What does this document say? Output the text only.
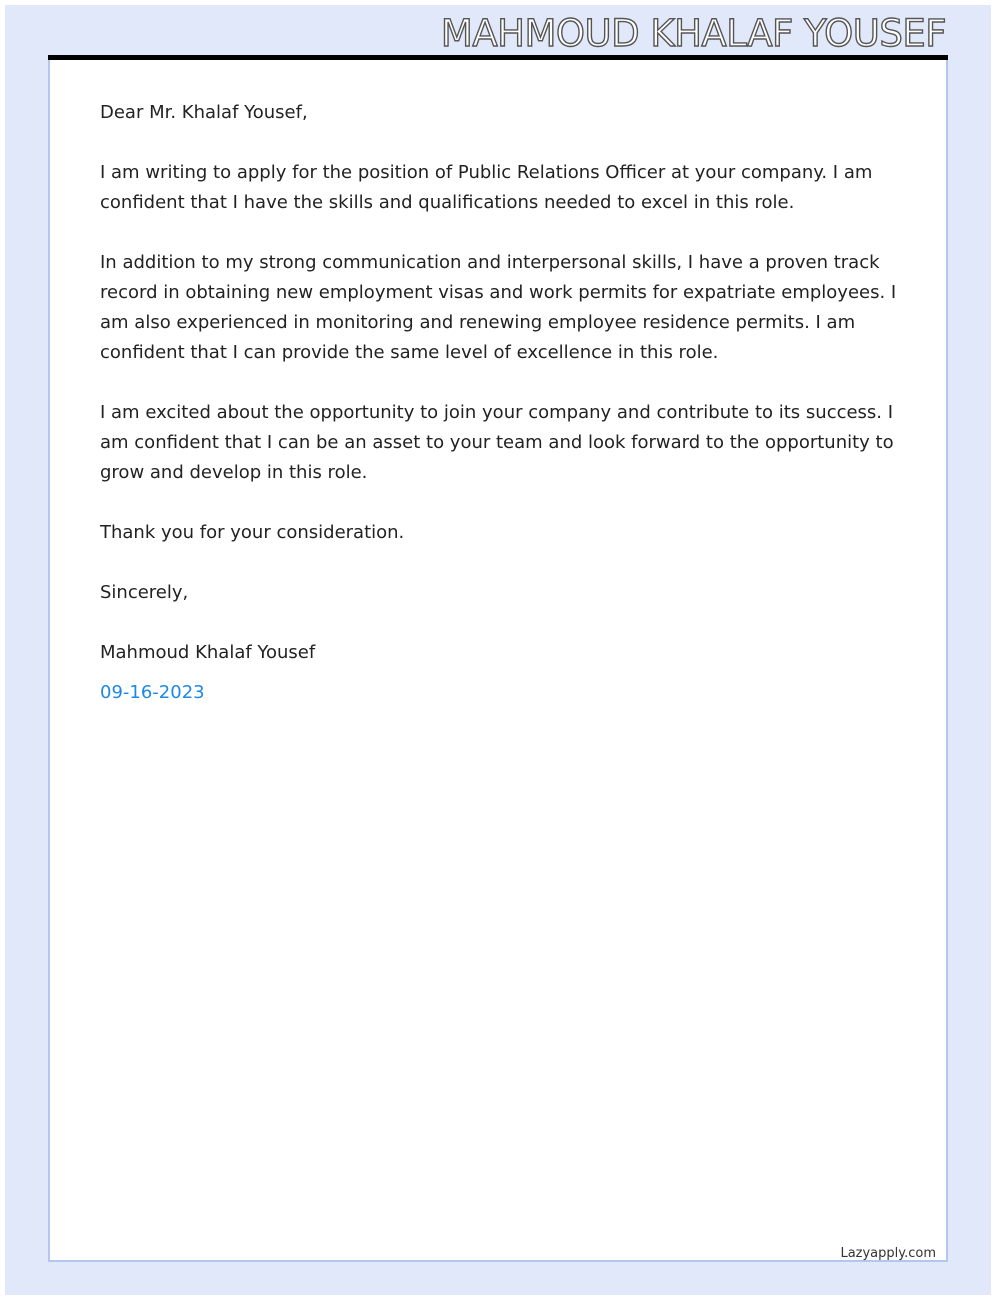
MAHMOUD KHALAF YOUSEF

Dear Mr. Khalaf Yousef,

I am writing to apply for the position of Public Relations Officer at your company. I am confident that I have the skills and qualifications needed to excel in this role.

In addition to my strong communication and interpersonal skills, I have a proven track record in obtaining new employment visas and work permits for expatriate employees. I am also experienced in monitoring and renewing employee residence permits. I am confident that I can provide the same level of excellence in this role.

I am excited about the opportunity to join your company and contribute to its success. I am confident that I can be an asset to your team and look forward to the opportunity to grow and develop in this role.

Thank you for your consideration.

Sincerely,

Mahmoud Khalaf Yousef

09-16-2023

Lazyapply.com
